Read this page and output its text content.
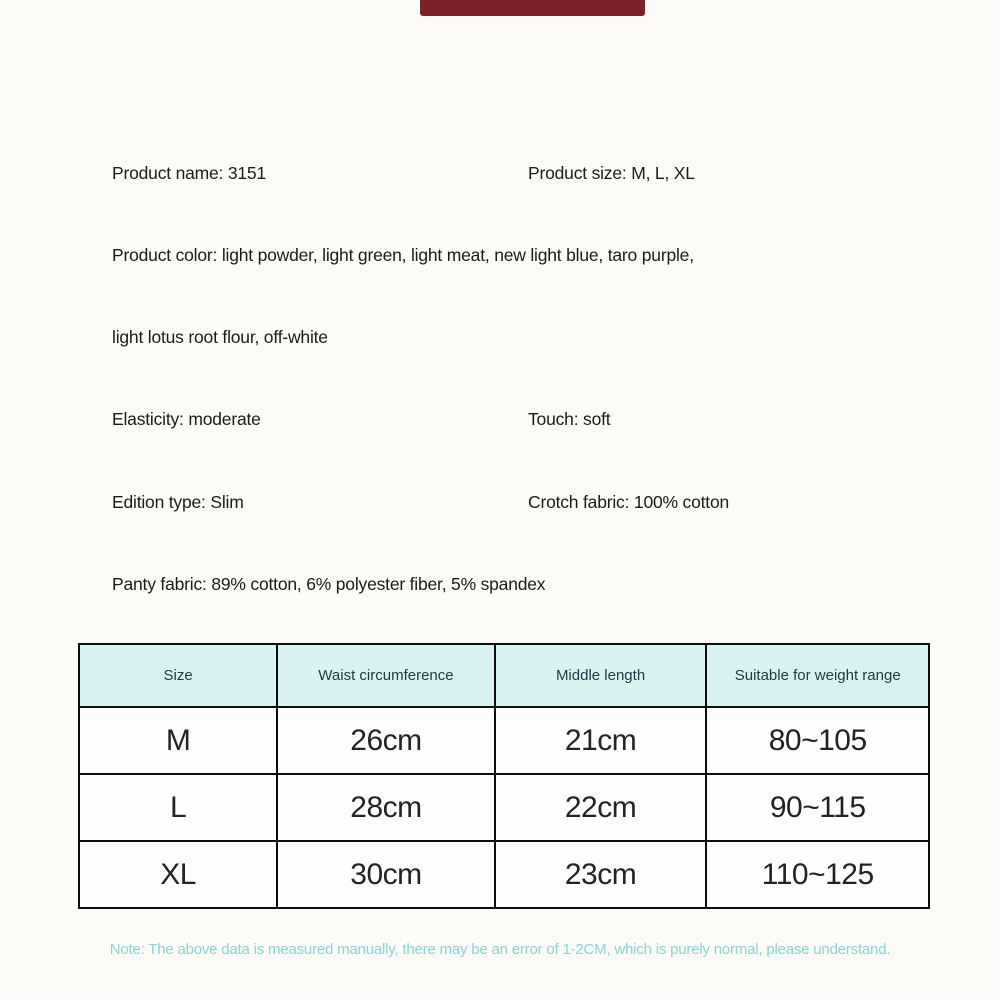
Product name: 3151	Product size: M, L, XL
Product color: light powder, light green, light meat, new light blue, taro purple,
light lotus root flour, off-white
Elasticity: moderate	Touch: soft
Edition type: Slim	Crotch fabric: 100% cotton
Panty fabric: 89% cotton, 6% polyester fiber, 5% spandex
Size	Waist circumference	Middle length	Suitable for weight range
M	26cm	21cm	80~105
L	28cm	22cm	90~115
XL	30cm	23cm	110~125
Note: The above data is measured manually, there may be an error of 1-2CM, which is purely normal, please understand.
